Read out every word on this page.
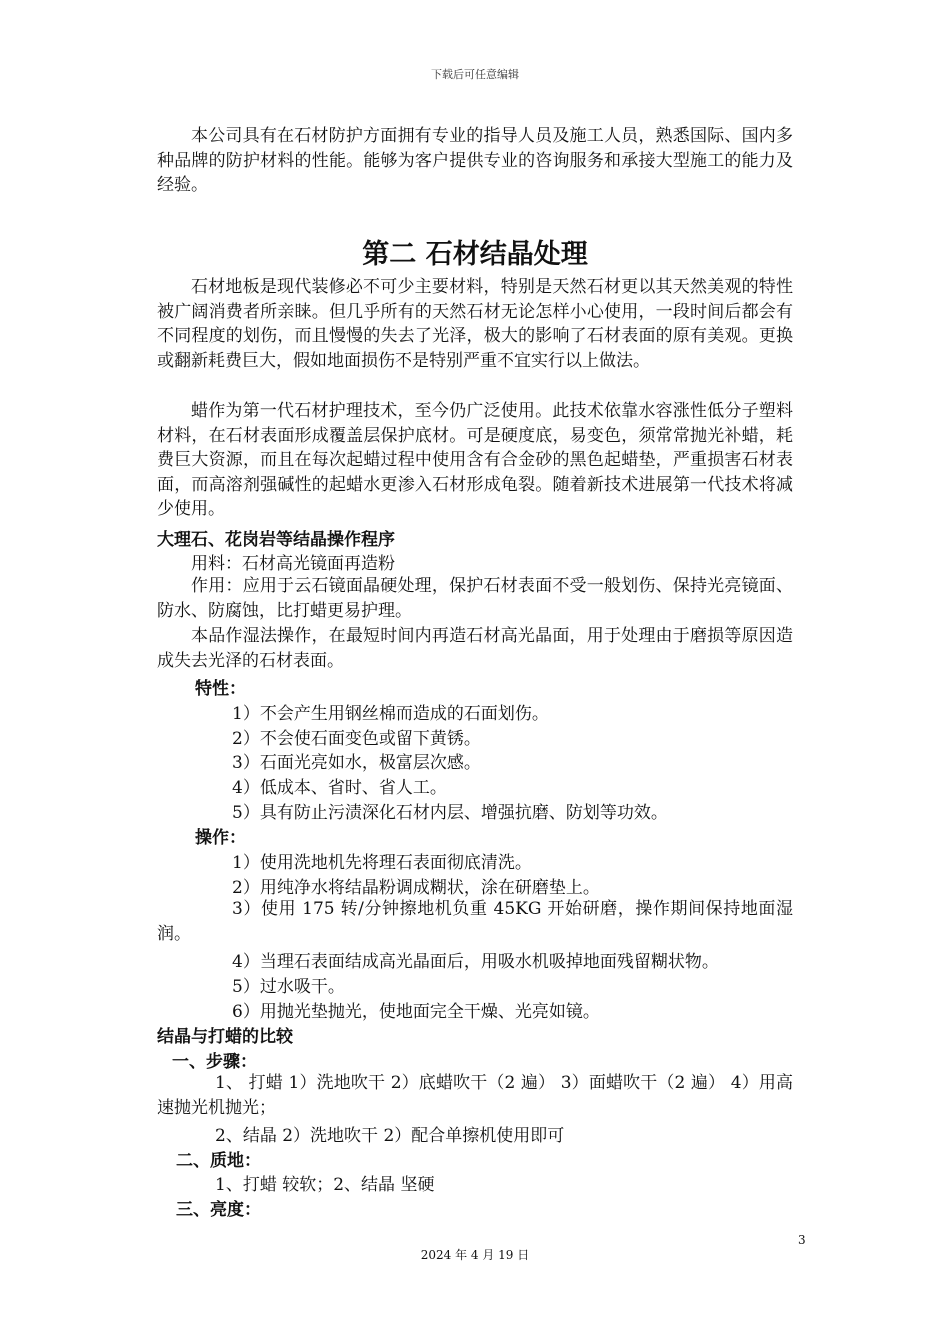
下载后可任意编辑
本公司具有在石材防护方面拥有专业的指导人员及施工人员，熟悉国际、国内多种品牌的防护材料的性能。能够为客户提供专业的咨询服务和承接大型施工的能力及经验。
第二 石材结晶处理
石材地板是现代装修必不可少主要材料，特别是天然石材更以其天然美观的特性被广阔消费者所亲睐。但几乎所有的天然石材无论怎样小心使用，一段时间后都会有不同程度的划伤，而且慢慢的失去了光泽，极大的影响了石材表面的原有美观。更换或翻新耗费巨大，假如地面损伤不是特别严重不宜实行以上做法。
蜡作为第一代石材护理技术，至今仍广泛使用。此技术依靠水容涨性低分子塑料材料，在石材表面形成覆盖层保护底材。可是硬度底，易变色，须常常抛光补蜡，耗费巨大资源，而且在每次起蜡过程中使用含有合金砂的黑色起蜡垫，严重损害石材表面，而高溶剂强碱性的起蜡水更渗入石材形成龟裂。随着新技术进展第一代技术将减少使用。
大理石、花岗岩等结晶操作程序
用料：石材高光镜面再造粉
作用：应用于云石镜面晶硬处理，保护石材表面不受一般划伤、保持光亮镜面、防水、防腐蚀，比打蜡更易护理。
本品作湿法操作，在最短时间内再造石材高光晶面，用于处理由于磨损等原因造成失去光泽的石材表面。
特性：
1）不会产生用钢丝棉而造成的石面划伤。
2）不会使石面变色或留下黄锈。
3）石面光亮如水，极富层次感。
4）低成本、省时、省人工。
5）具有防止污渍深化石材内层、增强抗磨、防划等功效。
操作：
1）使用洗地机先将理石表面彻底清洗。
2）用纯净水将结晶粉调成糊状，涂在研磨垫上。
3）使用 175 转/分钟擦地机负重 45KG 开始研磨，操作期间保持地面湿润。
4）当理石表面结成高光晶面后，用吸水机吸掉地面残留糊状物。
5）过水吸干。
6）用抛光垫抛光，使地面完全干燥、光亮如镜。
结晶与打蜡的比较
一、步骤：
1、 打蜡 1）洗地吹干 2）底蜡吹干（2 遍） 3）面蜡吹干（2 遍） 4）用高速抛光机抛光；
2、结晶 2）洗地吹干 2）配合单擦机使用即可
二、质地：
1、打蜡 较软；2、结晶 坚硬
三、亮度：
3
2024 年 4 月 19 日
